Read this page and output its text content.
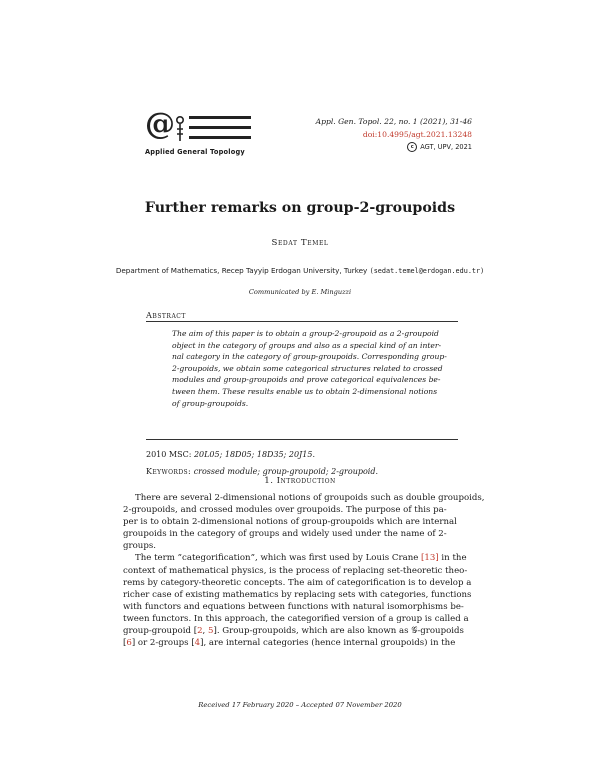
@
Applied General Topology
Appl. Gen. Topol. 22, no. 1 (2021), 31-46
doi:10.4995/agt.2021.13248
c AGT, UPV, 2021
Further remarks on group-2-groupoids
Sedat Temel
Department of Mathematics, Recep Tayyip Erdogan University, Turkey (sedat.temel@erdogan.edu.tr)
Communicated by E. Minguzzi
Abstract
The aim of this paper is to obtain a group-2-groupoid as a 2-groupoid
object in the category of groups and also as a special kind of an inter-
nal category in the category of group-groupoids. Corresponding group-
2-groupoids, we obtain some categorical structures related to crossed
modules and group-groupoids and prove categorical equivalences be-
tween them. These results enable us to obtain 2-dimensional notions
of group-groupoids.
2010 MSC: 20L05; 18D05; 18D35; 20J15.
Keywords: crossed module; group-groupoid; 2-groupoid.
1. Introduction
There are several 2-dimensional notions of groupoids such as double groupoids,
2-groupoids, and crossed modules over groupoids. The purpose of this pa-
per is to obtain 2-dimensional notions of group-groupoids which are internal
groupoids in the category of groups and widely used under the name of 2-
groups.
The term ”categorification”, which was first used by Louis Crane [13] in the
context of mathematical physics, is the process of replacing set-theoretic theo-
rems by category-theoretic concepts. The aim of categorification is to develop a
richer case of existing mathematics by replacing sets with categories, functions
with functors and equations between functions with natural isomorphisms be-
tween functors. In this approach, the categorified version of a group is called a
group-groupoid [2, 5]. Group-groupoids, which are also known as 𝒢-groupoids
[6] or 2-groups [4], are internal categories (hence internal groupoids) in the
Received 17 February 2020 – Accepted 07 November 2020
